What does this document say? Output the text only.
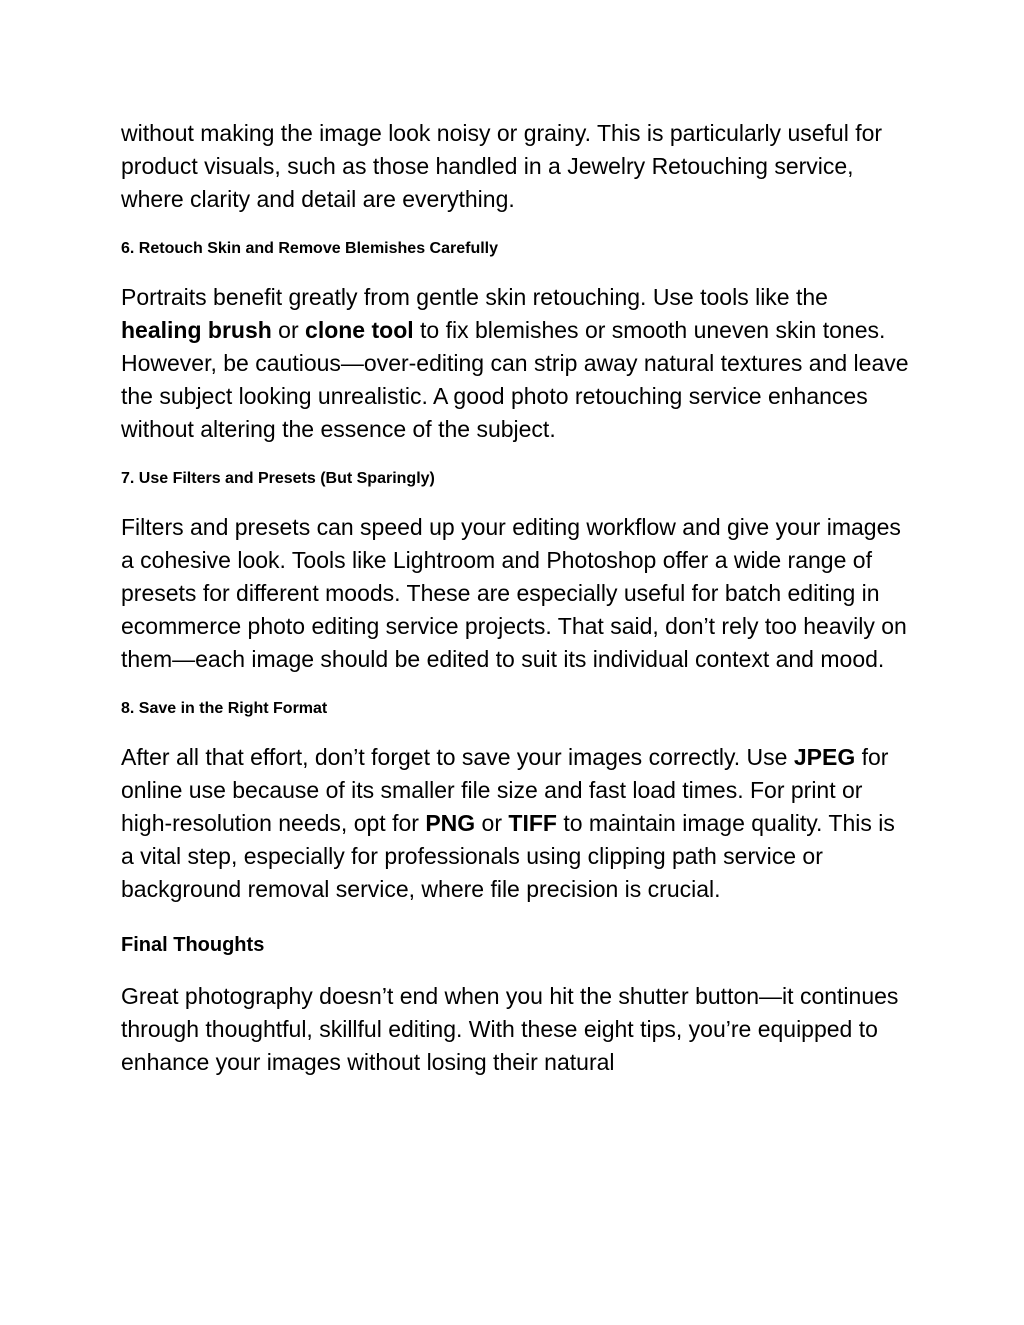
without making the image look noisy or grainy. This is particularly useful for product visuals, such as those handled in a Jewelry Retouching service, where clarity and detail are everything.

6. Retouch Skin and Remove Blemishes Carefully

Portraits benefit greatly from gentle skin retouching. Use tools like the healing brush or clone tool to fix blemishes or smooth uneven skin tones. However, be cautious—over-editing can strip away natural textures and leave the subject looking unrealistic. A good photo retouching service enhances without altering the essence of the subject.

7. Use Filters and Presets (But Sparingly)

Filters and presets can speed up your editing workflow and give your images a cohesive look. Tools like Lightroom and Photoshop offer a wide range of presets for different moods. These are especially useful for batch editing in ecommerce photo editing service projects. That said, don’t rely too heavily on them—each image should be edited to suit its individual context and mood.

8. Save in the Right Format

After all that effort, don’t forget to save your images correctly. Use JPEG for online use because of its smaller file size and fast load times. For print or high-resolution needs, opt for PNG or TIFF to maintain image quality. This is a vital step, especially for professionals using clipping path service or background removal service, where file precision is crucial.

Final Thoughts

Great photography doesn’t end when you hit the shutter button—it continues through thoughtful, skillful editing. With these eight tips, you’re equipped to enhance your images without losing their natural
